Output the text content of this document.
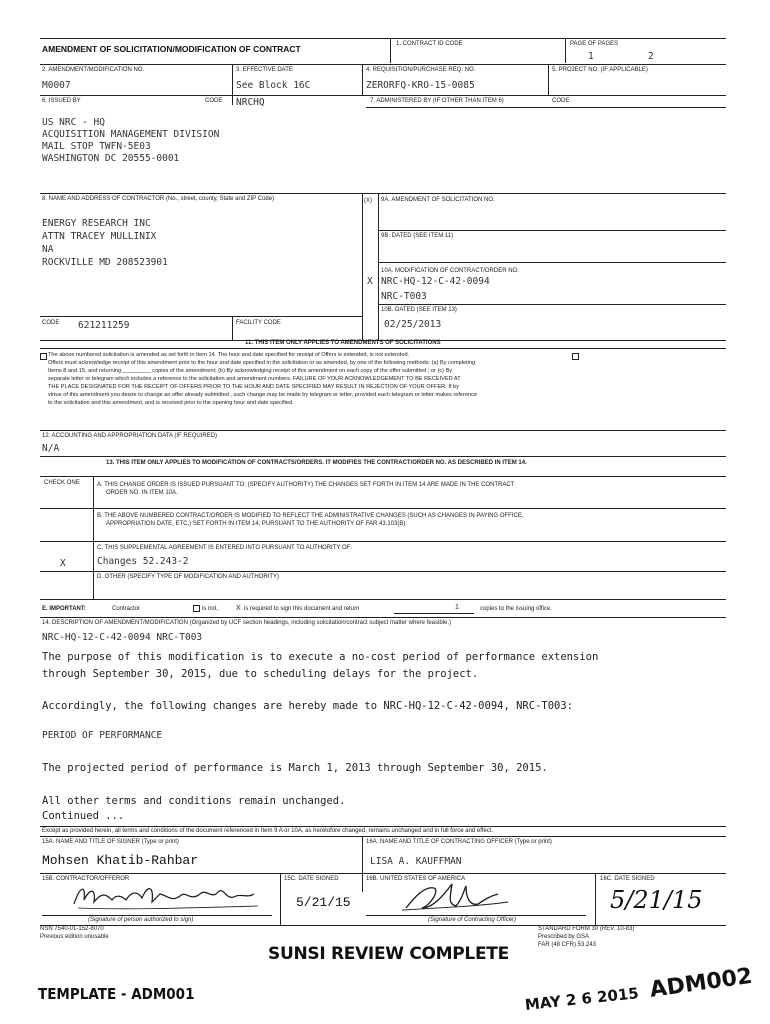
AMENDMENT OF SOLICITATION/MODIFICATION OF CONTRACT	1. CONTRACT ID CODE	PAGE OF PAGES
1	2
2. AMENDMENT/MODIFICATION NO.
M0007
3. EFFECTIVE DATE
See Block 16C
4. REQUISITION/PURCHASE REQ. NO.
ZERORFQ-KRO-15-0085
5. PROJECT NO. (IF APPLICABLE)
6. ISSUED BY	CODE NRCHQ	7. ADMINISTERED BY (IF OTHER THAN ITEM 6)	CODE
US NRC - HQ
ACQUISITION MANAGEMENT DIVISION
MAIL STOP TWFN-5E03
WASHINGTON DC 20555-0001
8. NAME AND ADDRESS OF CONTRACTOR (No., street, county, State and ZIP Code)
ENERGY RESEARCH INC
ATTN TRACEY MULLINIX
NA
ROCKVILLE MD 208523901
(X) 9A. AMENDMENT OF SOLICITATION NO.
9B. DATED (SEE ITEM 11)
10A. MODIFICATION OF CONTRACT/ORDER NO.
X NRC-HQ-12-C-42-0094
NRC-T003
10B. DATED (SEE ITEM 13)
02/25/2013
CODE 621211259	FACILITY CODE
11. THIS ITEM ONLY APPLIES TO AMENDMENTS OF SOLICITATIONS
The above numbered solicitation is amended as set forth in Item 14. The hour and date specified for receipt of Offers is extended, is not extended.
Offers must acknowledge receipt of this amendment prior to the hour and date specified in the solicitation or as amended, by one of the following methods: (a) By completing
Items 8 and 15, and returning _________ copies of the amendment; (b) By acknowledging receipt of this amendment on each copy of the offer submitted ; or (c) By
separate letter or telegram which includes a reference to the solicitation and amendment numbers. FAILURE OF YOUR ACKNOWLEDGEMENT TO BE RECEIVED AT
THE PLACE DESIGNATED FOR THE RECEIPT OF OFFERS PRIOR TO THE HOUR AND DATE SPECIFIED MAY RESULT IN REJECTION OF YOUR OFFER. If by
virtue of this amendment you desire to change an offer already submitted , such change may be made by telegram or letter, provided each telegram or letter makes reference
to the solicitation and this amendment, and is received prior to the opening hour and date specified.
12. ACCOUNTING AND APPROPRIATION DATA (IF REQUIRED)
N/A
13. THIS ITEM ONLY APPLIES TO MODIFICATION OF CONTRACTS/ORDERS. IT MODIFIES THE CONTRACT/ORDER NO. AS DESCRIBED IN ITEM 14.
CHECK ONE	A. THIS CHANGE ORDER IS ISSUED PURSUANT TO: (SPECIFY AUTHORITY) THE CHANGES SET FORTH IN ITEM 14 ARE MADE IN THE CONTRACT
ORDER NO. IN ITEM 10A.
B. THE ABOVE NUMBERED CONTRACT/ORDER IS MODIFIED TO REFLECT THE ADMINISTRATIVE CHANGES (SUCH AS CHANGES IN PAYING OFFICE,
APPROPRIATION DATE, ETC.) SET FORTH IN ITEM 14, PURSUANT TO THE AUTHORITY OF FAR 43.103(B).
C. THIS SUPPLEMENTAL AGREEMENT IS ENTERED INTO PURSUANT TO AUTHORITY OF:
X	Changes 52.243-2
D. OTHER (SPECIFY TYPE OF MODIFICATION AND AUTHORITY)
E. IMPORTANT:	Contractor	is not,	X is required to sign this document and return	1	copies to the issuing office.
14. DESCRIPTION OF AMENDMENT/MODIFICATION (Organized by UCF section headings, including solicitation/contract subject matter where feasible.)
NRC-HQ-12-C-42-0094 NRC-T003
The purpose of this modification is to execute a no-cost period of performance extension
through September 30, 2015, due to scheduling delays for the project.
Accordingly, the following changes are hereby made to NRC-HQ-12-C-42-0094, NRC-T003:
PERIOD OF PERFORMANCE
The projected period of performance is March 1, 2013 through September 30, 2015.
All other terms and conditions remain unchanged.
Continued ...
Except as provided herein, all terms and conditions of the document referenced in Item 9 A or 10A, as heretofore changed, remains unchanged and in full force and effect.
15A. NAME AND TITLE OF SIGNER (Type or print)
Mohsen Khatib-Rahbar
16A. NAME AND TITLE OF CONTRACTING OFFICER (Type or print)
LISA A. KAUFFMAN
15B. CONTRACTOR/OFFEROR
(Signature of person authorized to sign)
15C. DATE SIGNED
5/21/15
16B. UNITED STATES OF AMERICA
(Signature of Contracting Officer)
16C. DATE SIGNED
5/21/15
NSN 7540-01-152-8070
Previous edition unusable
STANDARD FORM 30 (REV. 10-83)
Prescribed by GSA
FAR (48 CFR) 53.243
SUNSI REVIEW COMPLETE
TEMPLATE - ADM001	MAY 2 6 2015 ADM002
